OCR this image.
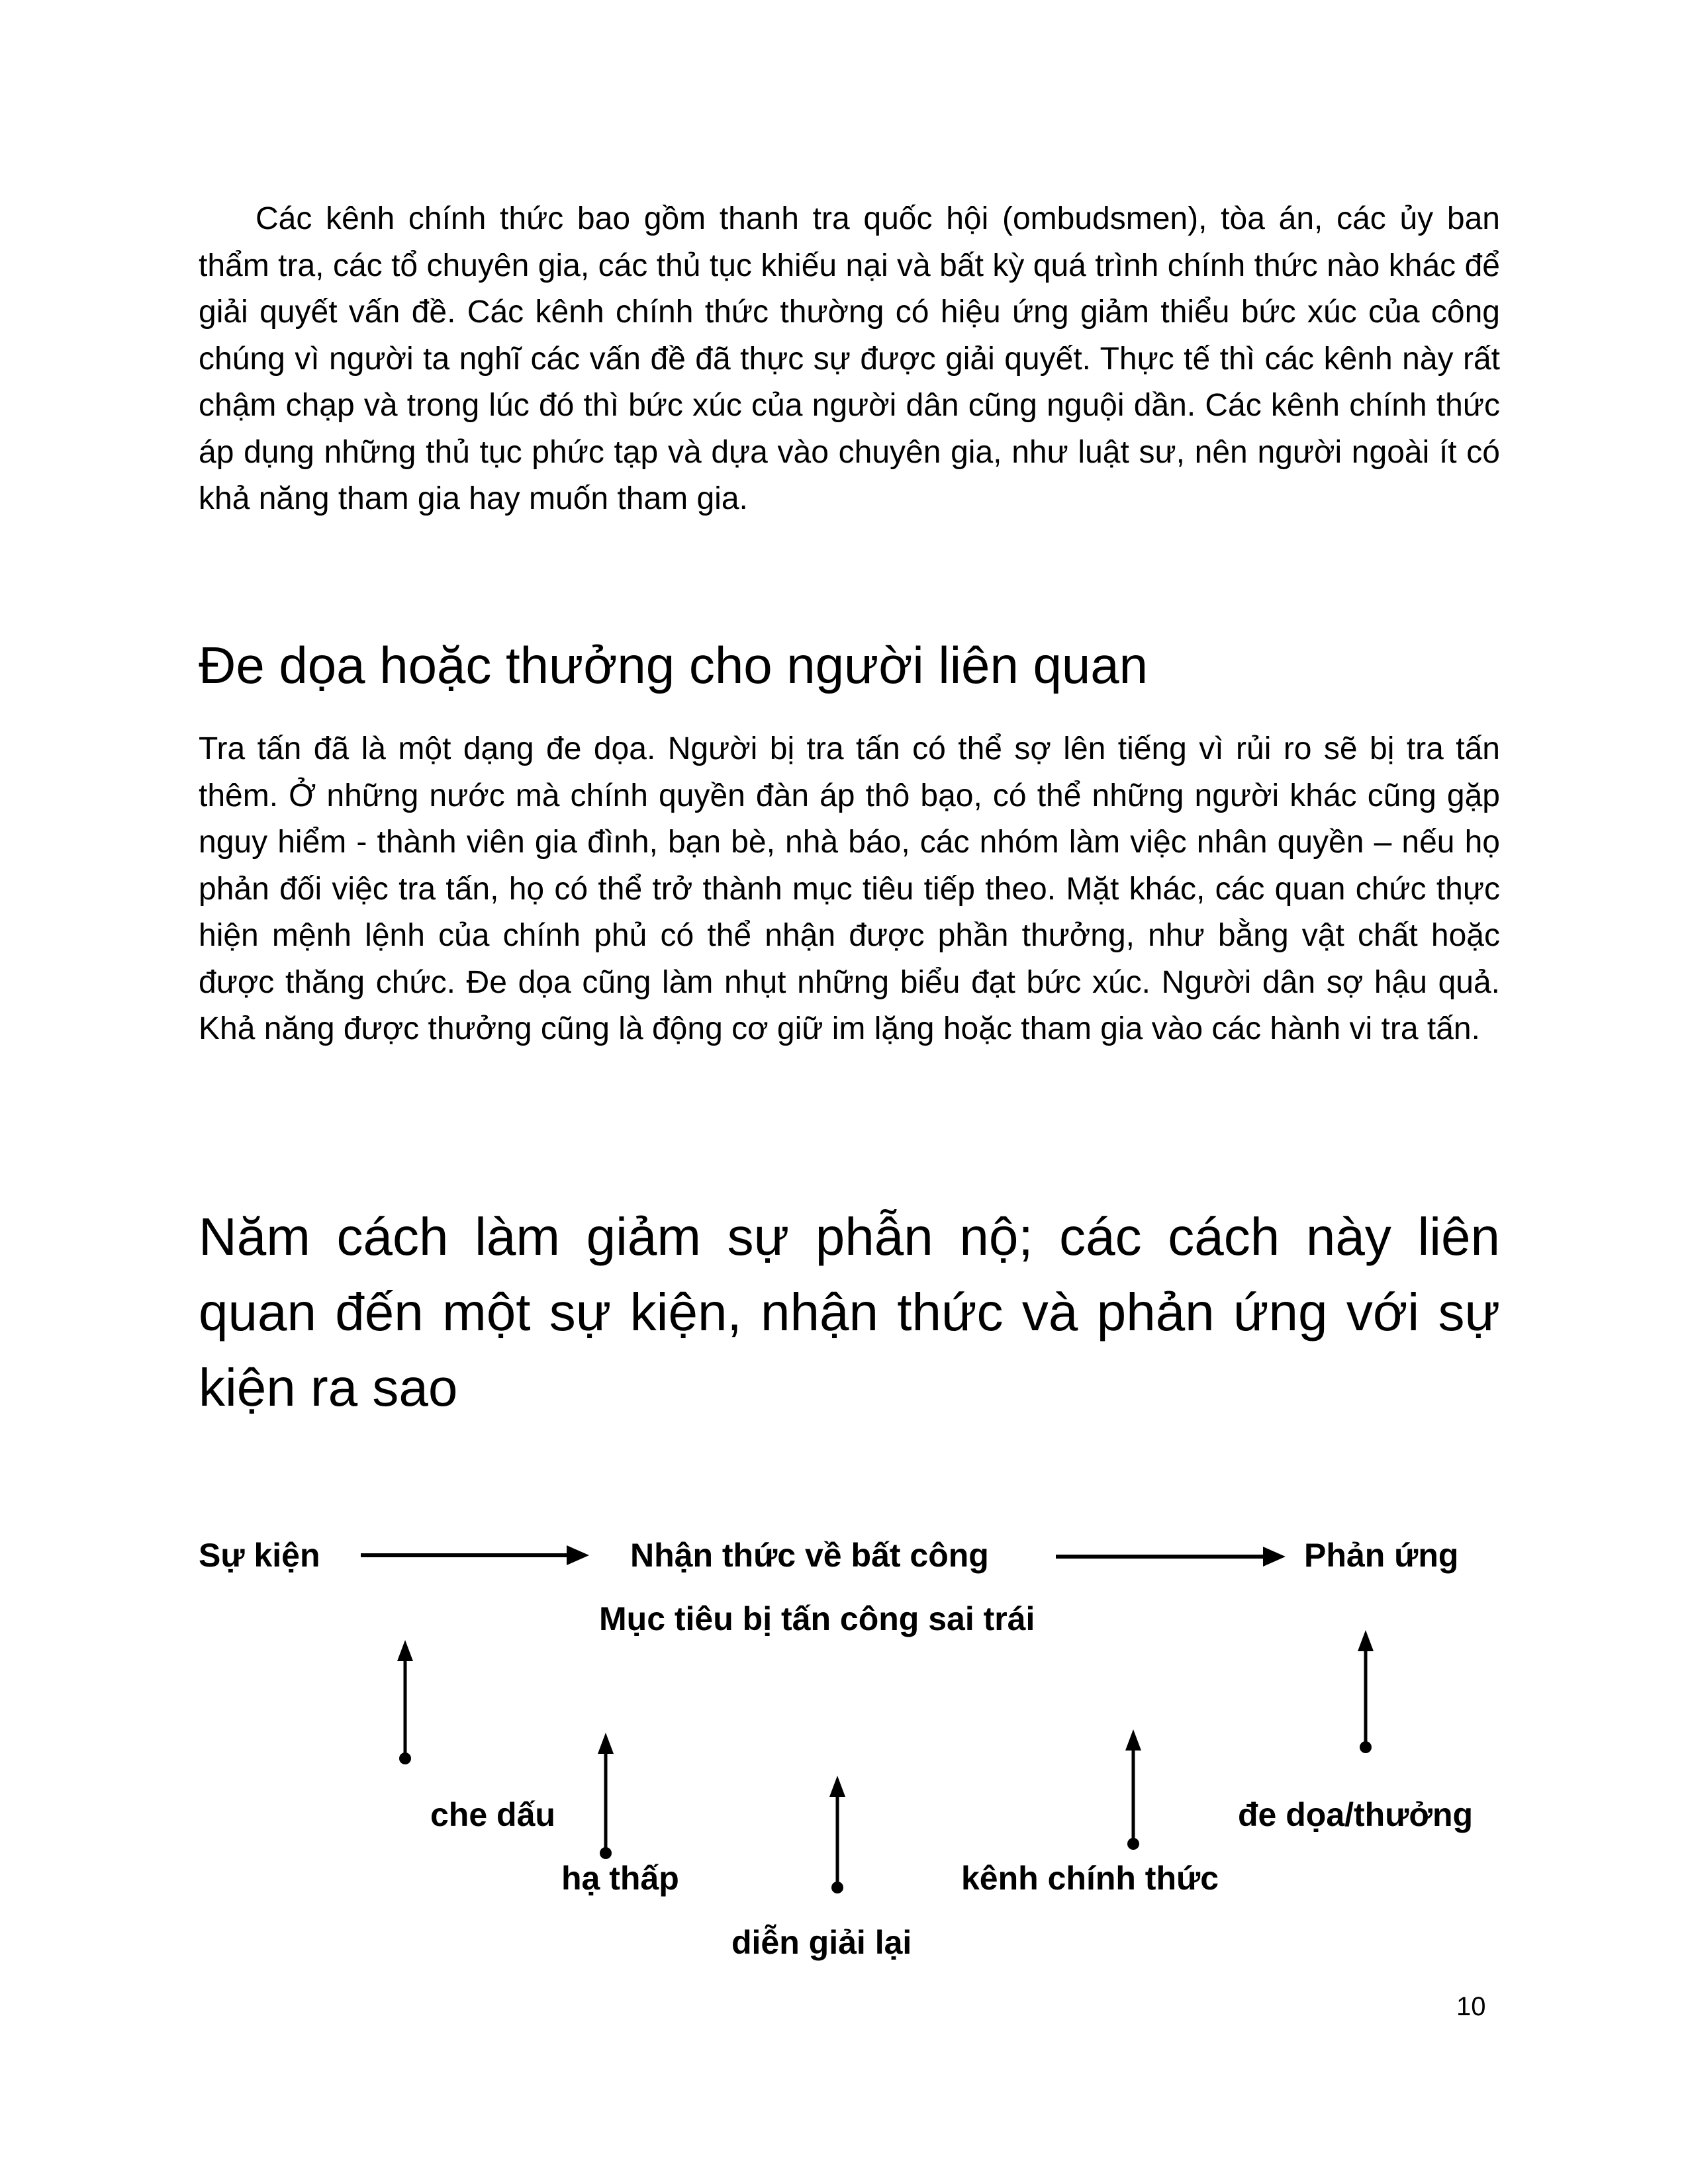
Các kênh chính thức bao gồm thanh tra quốc hội (ombudsmen), tòa án, các ủy ban thẩm tra, các tổ chuyên gia, các thủ tục khiếu nại và bất kỳ quá trình chính thức nào khác để giải quyết vấn đề. Các kênh chính thức thường có hiệu ứng giảm thiểu bức xúc của công chúng vì người ta nghĩ các vấn đề đã thực sự được giải quyết. Thực tế thì các kênh này rất chậm chạp và trong lúc đó thì bức xúc của người dân cũng nguội dần. Các kênh chính thức áp dụng những thủ tục phức tạp và dựa vào chuyên gia, như luật sư, nên người ngoài ít có khả năng tham gia hay muốn tham gia.

Đe dọa hoặc thưởng cho người liên quan

Tra tấn đã là một dạng đe dọa. Người bị tra tấn có thể sợ lên tiếng vì rủi ro sẽ bị tra tấn thêm. Ở những nước mà chính quyền đàn áp thô bạo, có thể những người khác cũng gặp nguy hiểm - thành viên gia đình, bạn bè, nhà báo, các nhóm làm việc nhân quyền – nếu họ phản đối việc tra tấn, họ có thể trở thành mục tiêu tiếp theo. Mặt khác, các quan chức thực hiện mệnh lệnh của chính phủ có thể nhận được phần thưởng, như bằng vật chất hoặc được thăng chức. Đe dọa cũng làm nhụt những biểu đạt bức xúc. Người dân sợ hậu quả. Khả năng được thưởng cũng là động cơ giữ im lặng hoặc tham gia vào các hành vi tra tấn.

Năm cách làm giảm sự phẫn nộ; các cách này liên quan đến một sự kiện, nhận thức và phản ứng với sự kiện ra sao
Sự kiện	Nhận thức về bất công	Phản ứng
Mục tiêu bị tấn công sai trái
che dấu	đe dọa/thưởng
hạ thấp	kênh chính thức
diễn giải lại
10
